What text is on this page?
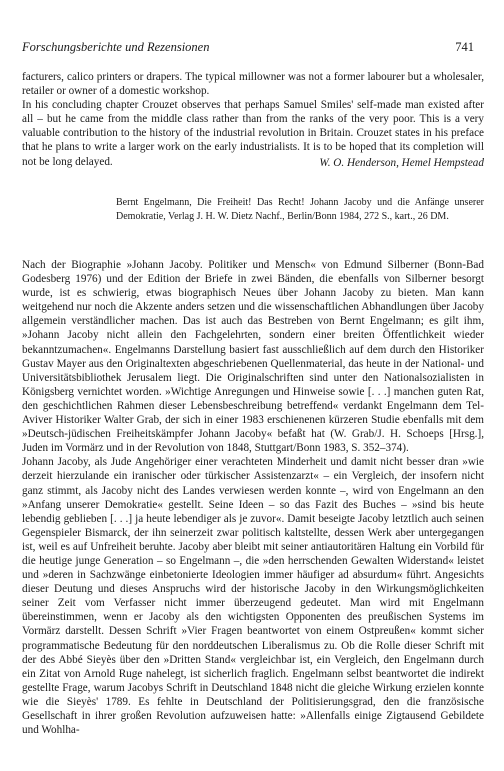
Forschungsberichte und Rezensionen	741

facturers, calico printers or drapers. The typical millowner was not a former labourer but a wholesaler, retailer or owner of a domestic workshop.

In his concluding chapter Crouzet observes that perhaps Samuel Smiles' self-made man existed after all – but he came from the middle class rather than from the ranks of the very poor. This is a very valuable contribution to the history of the industrial revolution in Britain. Crouzet states in his preface that he plans to write a larger work on the early industrialists. It is to be hoped that its completion will not be long delayed.	W. O. Henderson, Hemel Hempstead
Bernt Engelmann, Die Freiheit! Das Recht! Johann Jacoby und die Anfänge unserer Demokratie, Verlag J. H. W. Dietz Nachf., Berlin/Bonn 1984, 272 S., kart., 26 DM.

Nach der Biographie »Johann Jacoby. Politiker und Mensch« von Edmund Silberner (Bonn-Bad Godesberg 1976) und der Edition der Briefe in zwei Bänden, die ebenfalls von Silberner besorgt wurde, ist es schwierig, etwas biographisch Neues über Johann Jacoby zu bieten. Man kann weitgehend nur noch die Akzente anders setzen und die wissenschaftlichen Abhandlungen über Jacoby allgemein verständlicher machen. Das ist auch das Bestreben von Bernt Engelmann; es gilt ihm, »Johann Jacoby nicht allein den Fachgelehrten, sondern einer breiten Öffentlichkeit wieder bekanntzumachen«. Engelmanns Darstellung basiert fast ausschließlich auf dem durch den Historiker Gustav Mayer aus den Originaltexten abgeschriebenen Quellenmaterial, das heute in der National- und Universitätsbibliothek Jerusalem liegt. Die Originalschriften sind unter den Nationalsozialisten in Königsberg vernichtet worden. »Wichtige Anregungen und Hinweise sowie [. . .] manchen guten Rat, den geschichtlichen Rahmen dieser Lebensbeschreibung betreffend« verdankt Engelmann dem Tel-Aviver Historiker Walter Grab, der sich in einer 1983 erschienenen kürzeren Studie ebenfalls mit dem »Deutsch-jüdischen Freiheitskämpfer Johann Jacoby« befaßt hat (W. Grab/J. H. Schoeps [Hrsg.], Juden im Vormärz und in der Revolution von 1848, Stuttgart/Bonn 1983, S. 352–374).

Johann Jacoby, als Jude Angehöriger einer verachteten Minderheit und damit nicht besser dran »wie derzeit hierzulande ein iranischer oder türkischer Assistenzarzt« – ein Vergleich, der insofern nicht ganz stimmt, als Jacoby nicht des Landes verwiesen werden konnte –, wird von Engelmann an den »Anfang unserer Demokratie« gestellt. Seine Ideen – so das Fazit des Buches – »sind bis heute lebendig geblieben [. . .] ja heute lebendiger als je zuvor«. Damit beseigte Jacoby letztlich auch seinen Gegenspieler Bismarck, der ihn seinerzeit zwar politisch kaltstellte, dessen Werk aber untergegangen ist, weil es auf Unfreiheit beruhte. Jacoby aber bleibt mit seiner antiautoritären Haltung ein Vorbild für die heutige junge Generation – so Engelmann –, die »den herrschenden Gewalten Widerstand« leistet und »deren in Sachzwänge einbetonierte Ideologien immer häufiger ad absurdum« führt. Angesichts dieser Deutung und dieses Anspruchs wird der historische Jacoby in den Wirkungsmöglichkeiten seiner Zeit vom Verfasser nicht immer überzeugend gedeutet. Man wird mit Engelmann übereinstimmen, wenn er Jacoby als den wichtigsten Opponenten des preußischen Systems im Vormärz darstellt. Dessen Schrift »Vier Fragen beantwortet von einem Ostpreußen« kommt sicher programmatische Bedeutung für den norddeutschen Liberalismus zu. Ob die Rolle dieser Schrift mit der des Abbé Sieyès über den »Dritten Stand« vergleichbar ist, ein Vergleich, den Engelmann durch ein Zitat von Arnold Ruge nahelegt, ist sicherlich fraglich. Engelmann selbst beantwortet die indirekt gestellte Frage, warum Jacobys Schrift in Deutschland 1848 nicht die gleiche Wirkung erzielen konnte wie die Sieyès' 1789. Es fehlte in Deutschland der Politisierungsgrad, den die französische Gesellschaft in ihrer großen Revolution aufzuweisen hatte: »Allenfalls einige Zigtausend Gebildete und Wohlha-
